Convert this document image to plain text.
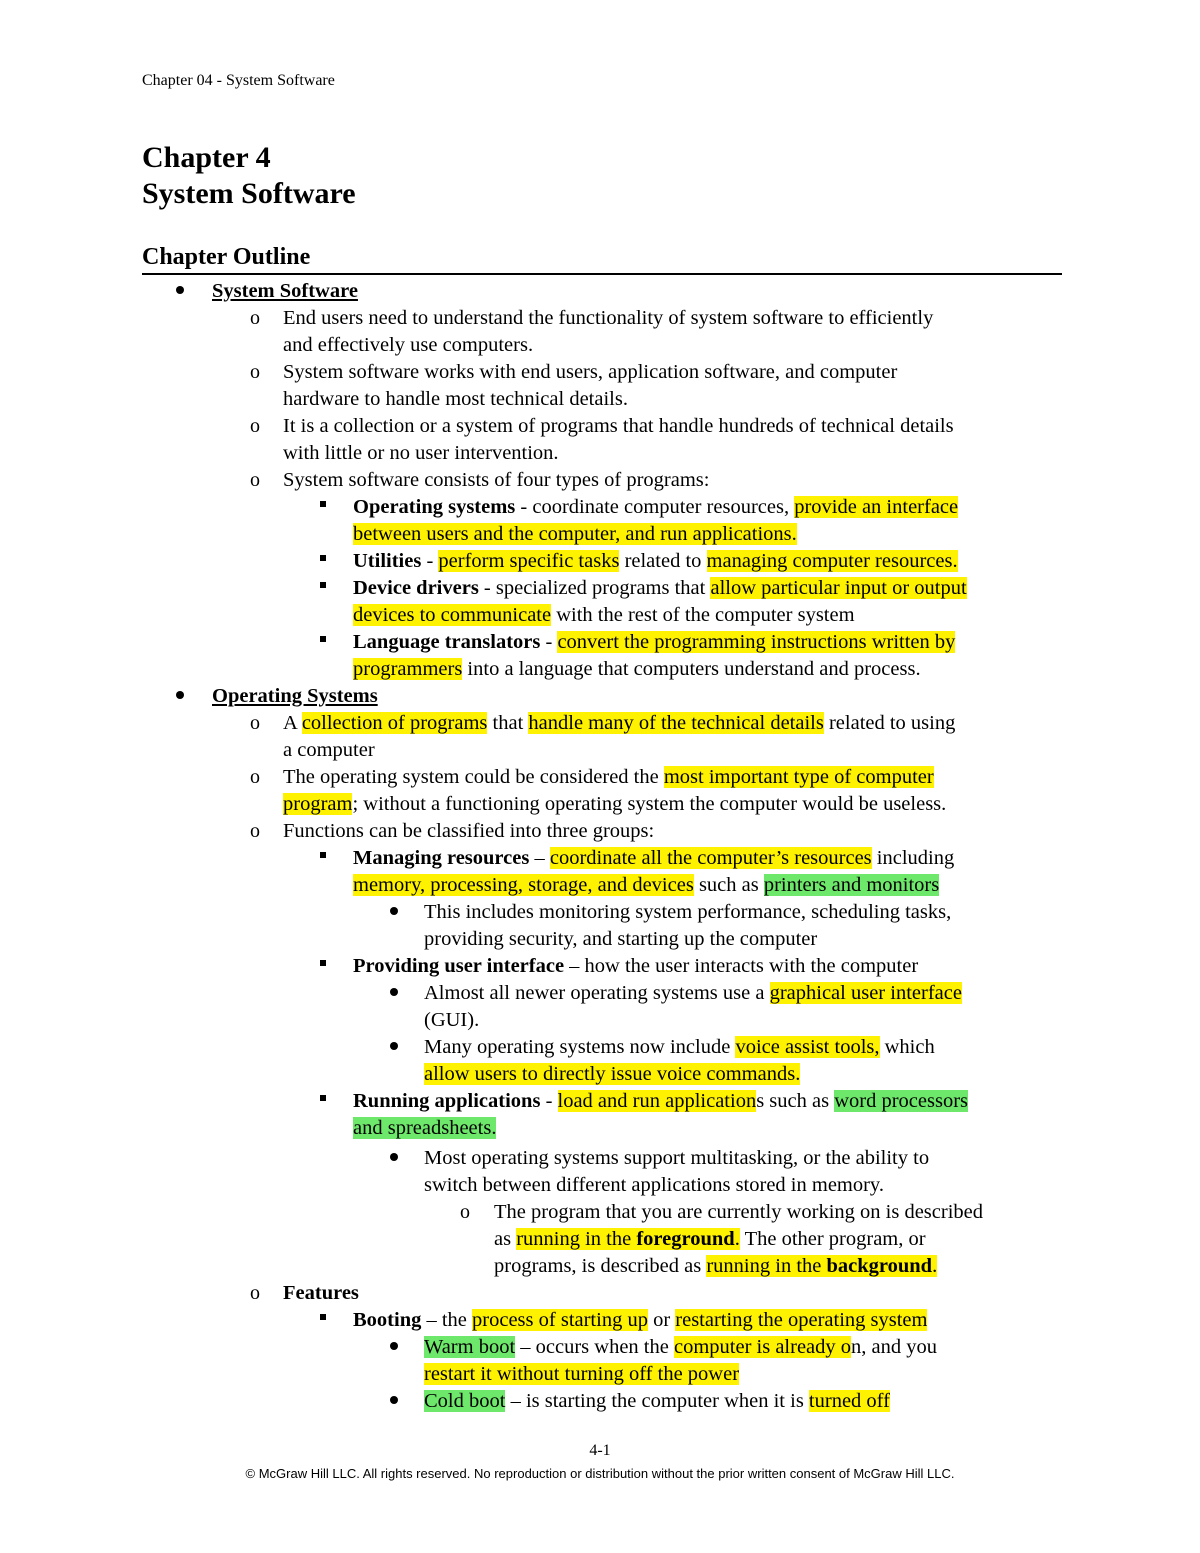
Chapter 04 - System Software
Chapter 4
System Software
Chapter Outline
System Software
o End users need to understand the functionality of system software to efficiently
and effectively use computers.
o System software works with end users, application software, and computer
hardware to handle most technical details.
o It is a collection or a system of programs that handle hundreds of technical details
with little or no user intervention.
o System software consists of four types of programs:
Operating systems - coordinate computer resources, provide an interface
between users and the computer, and run applications.
Utilities - perform specific tasks related to managing computer resources.
Device drivers - specialized programs that allow particular input or output
devices to communicate with the rest of the computer system
Language translators - convert the programming instructions written by
programmers into a language that computers understand and process.
Operating Systems
o A collection of programs that handle many of the technical details related to using
a computer
o The operating system could be considered the most important type of computer
program; without a functioning operating system the computer would be useless.
o Functions can be classified into three groups:
Managing resources – coordinate all the computer’s resources including
memory, processing, storage, and devices such as printers and monitors
This includes monitoring system performance, scheduling tasks,
providing security, and starting up the computer
Providing user interface – how the user interacts with the computer
Almost all newer operating systems use a graphical user interface
(GUI).
Many operating systems now include voice assist tools, which
allow users to directly issue voice commands.
Running applications - load and run applications such as word processors
and spreadsheets.
Most operating systems support multitasking, or the ability to
switch between different applications stored in memory.
o The program that you are currently working on is described
as running in the foreground. The other program, or
programs, is described as running in the background.
o Features
Booting – the process of starting up or restarting the operating system
Warm boot – occurs when the computer is already on, and you
restart it without turning off the power
Cold boot – is starting the computer when it is turned off
4-1
© McGraw Hill LLC. All rights reserved. No reproduction or distribution without the prior written consent of McGraw Hill LLC.
